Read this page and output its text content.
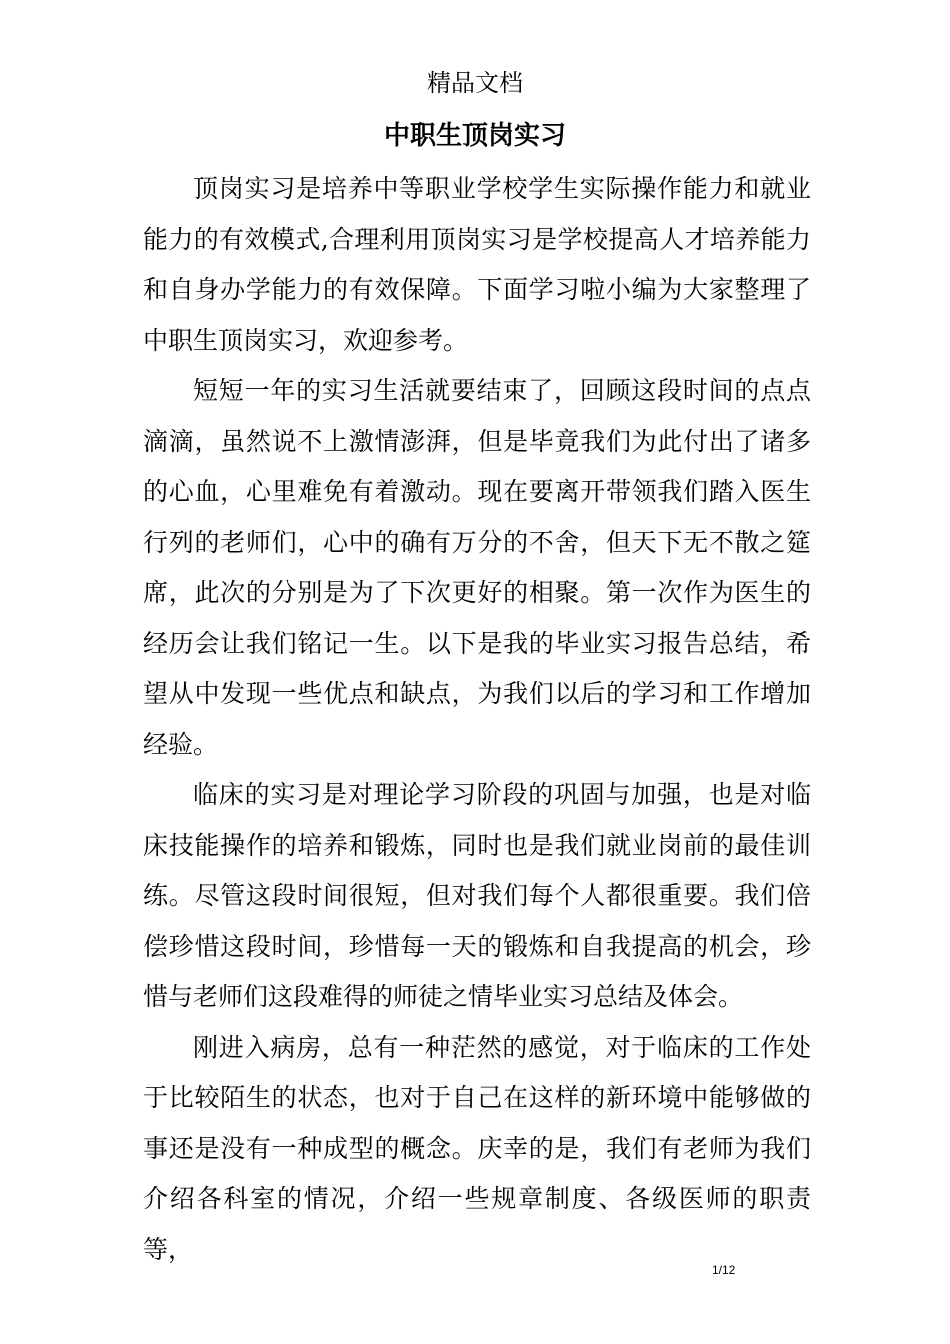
精品文档
中职生顶岗实习

顶岗实习是培养中等职业学校学生实际操作能力和就业能力的有效模式,合理利用顶岗实习是学校提高人才培养能力和自身办学能力的有效保障。下面学习啦小编为大家整理了中职生顶岗实习，欢迎参考。

短短一年的实习生活就要结束了，回顾这段时间的点点滴滴，虽然说不上激情澎湃，但是毕竟我们为此付出了诸多的心血，心里难免有着激动。现在要离开带领我们踏入医生行列的老师们，心中的确有万分的不舍，但天下无不散之筵席，此次的分别是为了下次更好的相聚。第一次作为医生的经历会让我们铭记一生。以下是我的毕业实习报告总结，希望从中发现一些优点和缺点，为我们以后的学习和工作增加经验。

临床的实习是对理论学习阶段的巩固与加强，也是对临床技能操作的培养和锻炼，同时也是我们就业岗前的最佳训练。尽管这段时间很短，但对我们每个人都很重要。我们倍偿珍惜这段时间，珍惜每一天的锻炼和自我提高的机会，珍惜与老师们这段难得的师徒之情毕业实习总结及体会。

刚进入病房，总有一种茫然的感觉，对于临床的工作处于比较陌生的状态，也对于自己在这样的新环境中能够做的事还是没有一种成型的概念。庆幸的是，我们有老师为我们介绍各科室的情况，介绍一些规章制度、各级医师的职责等，

1/12
